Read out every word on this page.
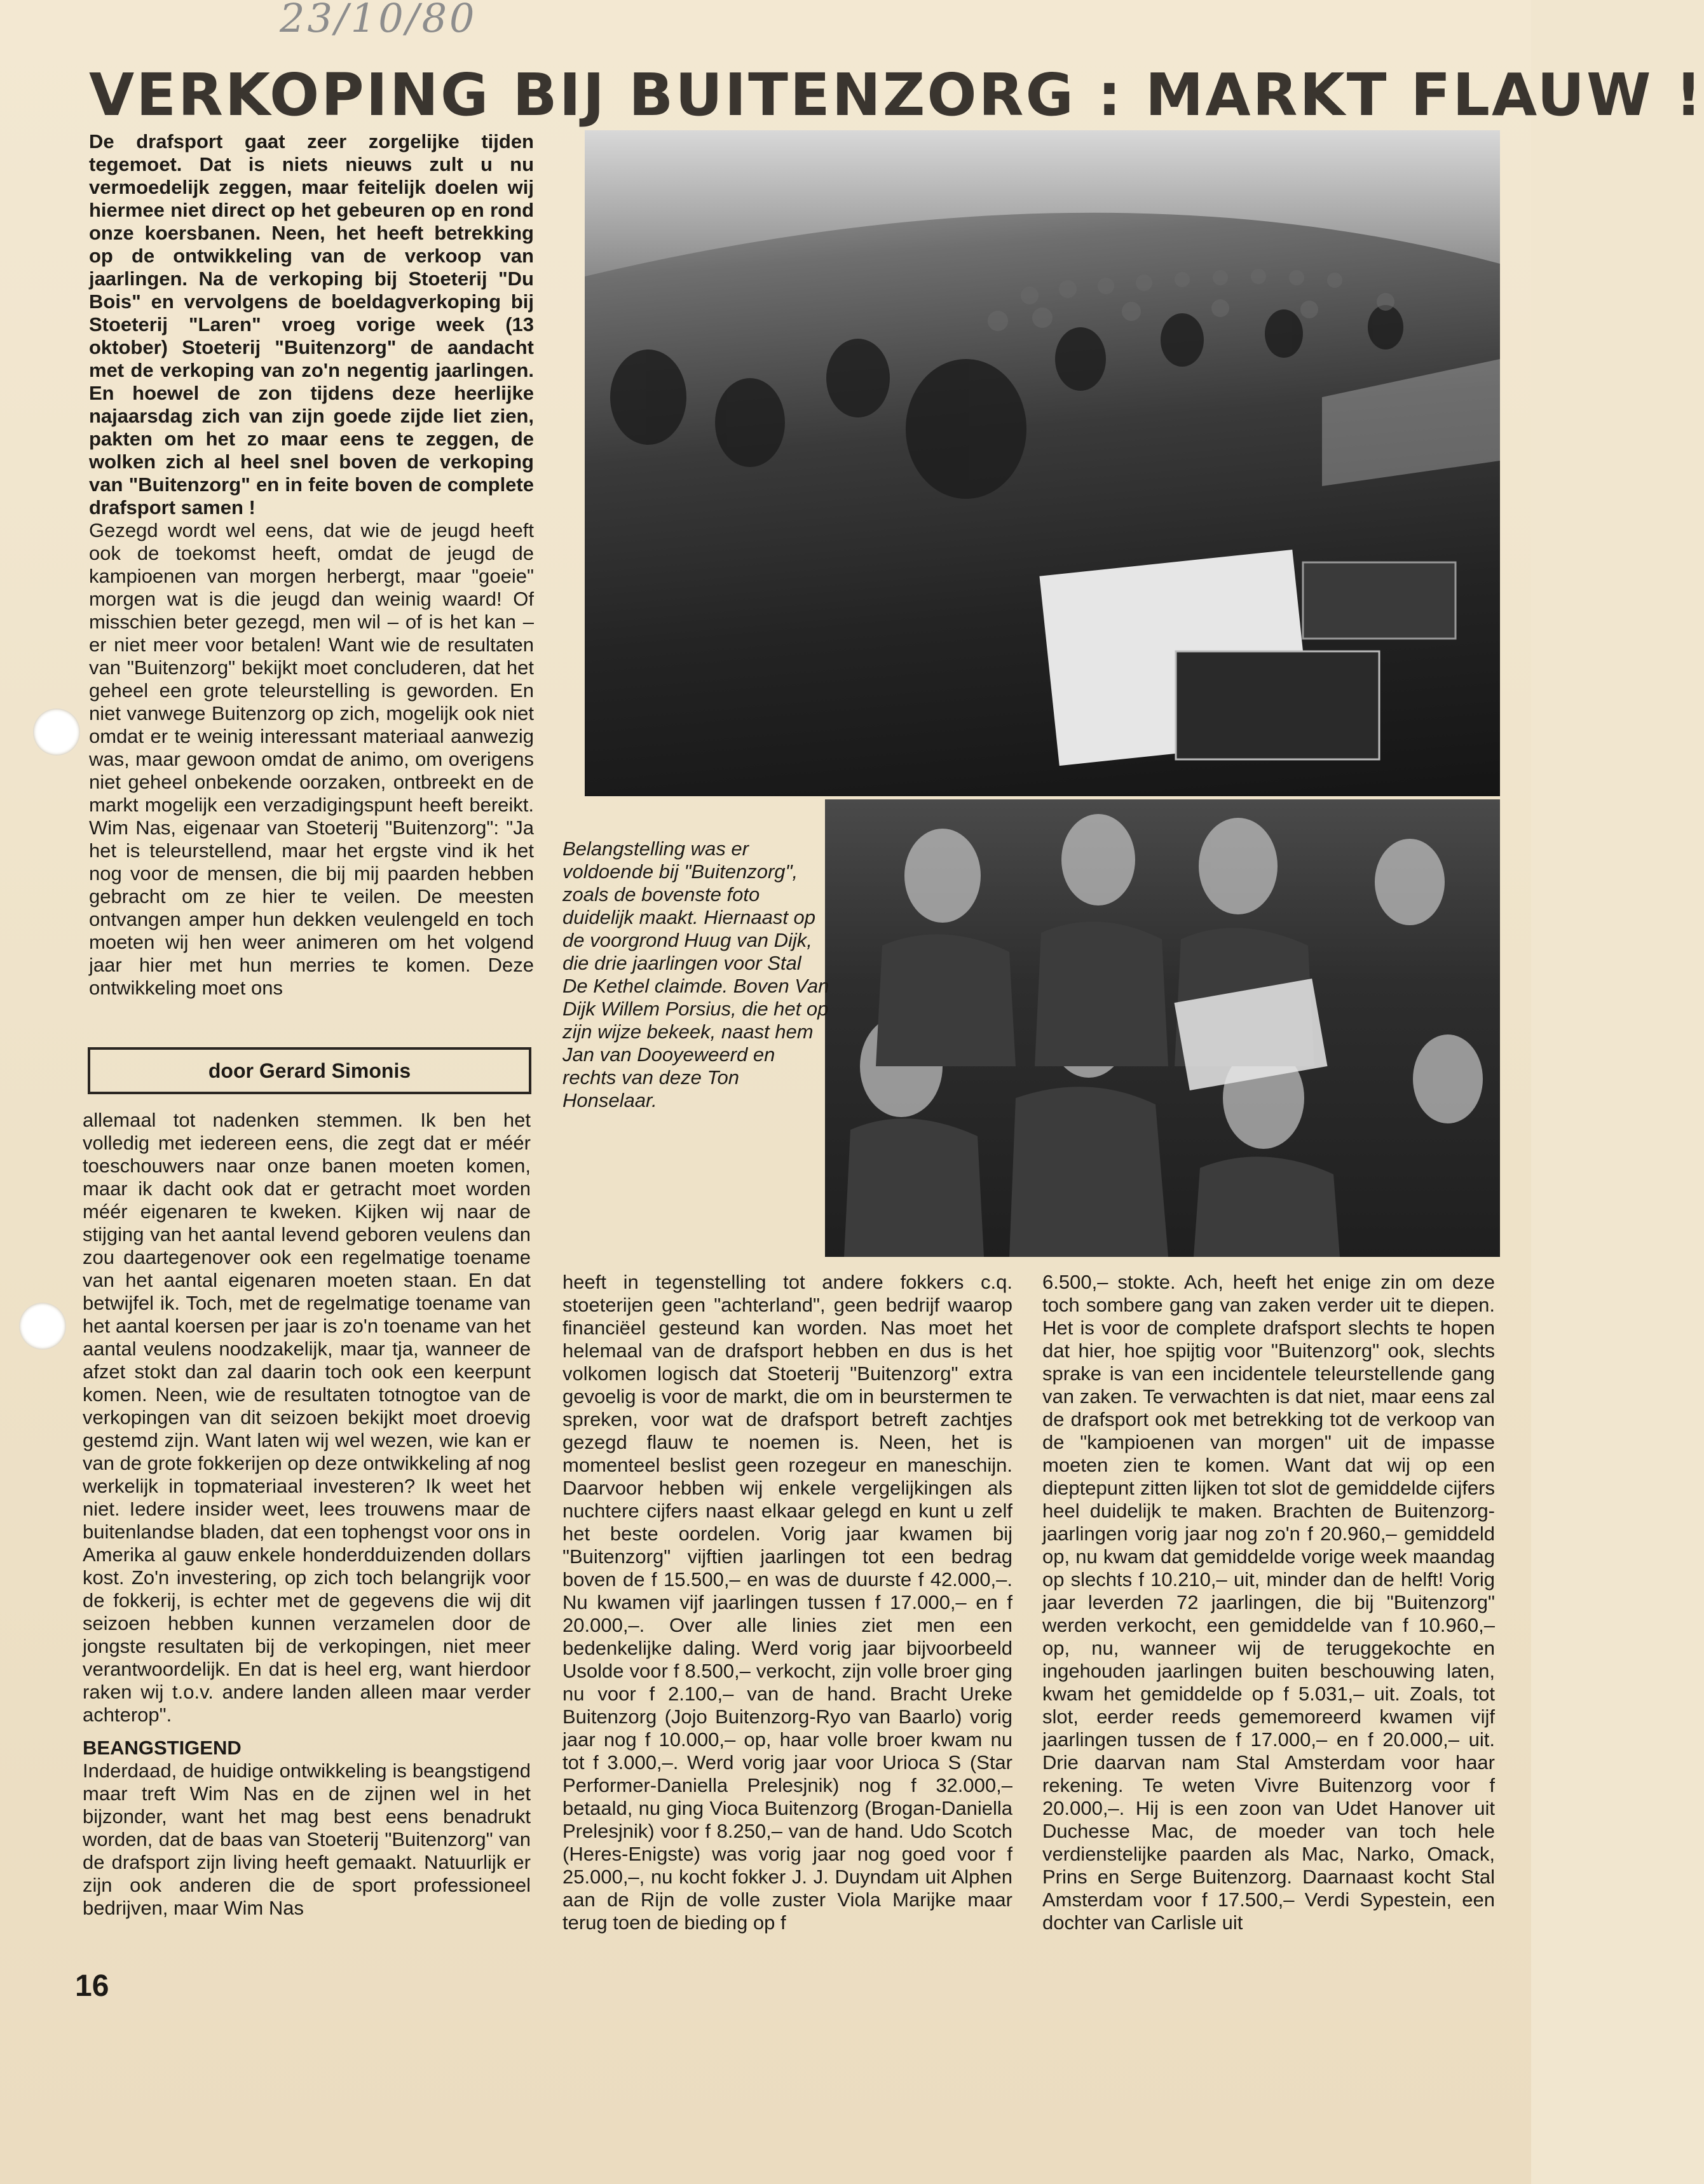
23/10/80
VERKOPING BIJ BUITENZORG : MARKT FLAUW !

De drafsport gaat zeer zorgelijke tijden tegemoet. Dat is niets nieuws zult u nu vermoedelijk zeggen, maar feitelijk doelen wij hiermee niet direct op het gebeuren op en rond onze koersbanen. Neen, het heeft betrekking op de ontwikkeling van de verkoop van jaarlingen. Na de verkoping bij Stoeterij "Du Bois" en vervolgens de boeldagverkoping bij Stoeterij "Laren" vroeg vorige week (13 oktober) Stoeterij "Buitenzorg" de aandacht met de verkoping van zo'n negentig jaarlingen. En hoewel de zon tijdens deze heerlijke najaarsdag zich van zijn goede zijde liet zien, pakten om het zo maar eens te zeggen, de wolken zich al heel snel boven de verkoping van "Buitenzorg" en in feite boven de complete drafsport samen !

Gezegd wordt wel eens, dat wie de jeugd heeft ook de toekomst heeft, omdat de jeugd de kampioenen van morgen herbergt, maar "goeie" morgen wat is die jeugd dan weinig waard! Of misschien beter gezegd, men wil – of is het kan – er niet meer voor betalen! Want wie de resultaten van "Buitenzorg" bekijkt moet concluderen, dat het geheel een grote teleurstelling is geworden. En niet vanwege Buitenzorg op zich, mogelijk ook niet omdat er te weinig interessant materiaal aanwezig was, maar gewoon omdat de animo, om overigens niet geheel onbekende oorzaken, ontbreekt en de markt mogelijk een verzadigingspunt heeft bereikt. Wim Nas, eigenaar van Stoeterij "Buitenzorg": "Ja het is teleurstellend, maar het ergste vind ik het nog voor de mensen, die bij mij paarden hebben gebracht om ze hier te veilen. De meesten ontvangen amper hun dekken veulengeld en toch moeten wij hen weer animeren om het volgend jaar hier met hun merries te komen. Deze ontwikkeling moet ons

door Gerard Simonis

allemaal tot nadenken stemmen. Ik ben het volledig met iedereen eens, die zegt dat er méér toeschouwers naar onze banen moeten komen, maar ik dacht ook dat er getracht moet worden méér eigenaren te kweken. Kijken wij naar de stijging van het aantal levend geboren veulens dan zou daartegenover ook een regelmatige toename van het aantal eigenaren moeten staan. En dat betwijfel ik. Toch, met de regelmatige toename van het aantal koersen per jaar is zo'n toename van het aantal veulens noodzakelijk, maar tja, wanneer de afzet stokt dan zal daarin toch ook een keerpunt komen. Neen, wie de resultaten totnogtoe van de verkopingen van dit seizoen bekijkt moet droevig gestemd zijn. Want laten wij wel wezen, wie kan er van de grote fokkerijen op deze ontwikkeling af nog werkelijk in topmateriaal investeren? Ik weet het niet. Iedere insider weet, lees trouwens maar de buitenlandse bladen, dat een tophengst voor ons in Amerika al gauw enkele honderdduizenden dollars kost. Zo'n investering, op zich toch belangrijk voor de fokkerij, is echter met de gegevens die wij dit seizoen hebben kunnen verzamelen door de jongste resultaten bij de verkopingen, niet meer verantwoordelijk. En dat is heel erg, want hierdoor raken wij t.o.v. andere landen alleen maar verder achterop".

BEANGSTIGEND

Inderdaad, de huidige ontwikkeling is beangstigend maar treft Wim Nas en de zijnen wel in het bijzonder, want het mag best eens benadrukt worden, dat de baas van Stoeterij "Buitenzorg" van de drafsport zijn living heeft gemaakt. Natuurlijk er zijn ook anderen die de sport professioneel bedrijven, maar Wim Nas

Belangstelling was er voldoende bij "Buitenzorg", zoals de bovenste foto duidelijk maakt. Hiernaast op de voorgrond Huug van Dijk, die drie jaarlingen voor Stal De Kethel claimde. Boven Van Dijk Willem Porsius, die het op zijn wijze bekeek, naast hem Jan van Dooyeweerd en rechts van deze Ton Honselaar.

heeft in tegenstelling tot andere fokkers c.q. stoeterijen geen "achterland", geen bedrijf waarop financiëel gesteund kan worden. Nas moet het helemaal van de drafsport hebben en dus is het volkomen logisch dat Stoeterij "Buitenzorg" extra gevoelig is voor de markt, die om in beurstermen te spreken, voor wat de drafsport betreft zachtjes gezegd flauw te noemen is. Neen, het is momenteel beslist geen rozegeur en maneschijn. Daarvoor hebben wij enkele vergelijkingen als nuchtere cijfers naast elkaar gelegd en kunt u zelf het beste oordelen. Vorig jaar kwamen bij "Buitenzorg" vijftien jaarlingen tot een bedrag boven de f 15.500,– en was de duurste f 42.000,–. Nu kwamen vijf jaarlingen tussen f 17.000,– en f 20.000,–. Over alle linies ziet men een bedenkelijke daling. Werd vorig jaar bijvoorbeeld Usolde voor f 8.500,– verkocht, zijn volle broer ging nu voor f 2.100,– van de hand. Bracht Ureke Buitenzorg (Jojo Buitenzorg-Ryo van Baarlo) vorig jaar nog f 10.000,– op, haar volle broer kwam nu tot f 3.000,–. Werd vorig jaar voor Urioca S (Star Performer-Daniella Prelesjnik) nog f 32.000,– betaald, nu ging Vioca Buitenzorg (Brogan-Daniella Prelesjnik) voor f 8.250,– van de hand. Udo Scotch (Heres-Enigste) was vorig jaar nog goed voor f 25.000,–, nu kocht fokker J. J. Duyndam uit Alphen aan de Rijn de volle zuster Viola Marijke maar terug toen de bieding op f

6.500,– stokte. Ach, heeft het enige zin om deze toch sombere gang van zaken verder uit te diepen. Het is voor de complete drafsport slechts te hopen dat hier, hoe spijtig voor "Buitenzorg" ook, slechts sprake is van een incidentele teleurstellende gang van zaken. Te verwachten is dat niet, maar eens zal de drafsport ook met betrekking tot de verkoop van de "kampioenen van morgen" uit de impasse moeten zien te komen. Want dat wij op een dieptepunt zitten lijken tot slot de gemiddelde cijfers heel duidelijk te maken. Brachten de Buitenzorg-jaarlingen vorig jaar nog zo'n f 20.960,– gemiddeld op, nu kwam dat gemiddelde vorige week maandag op slechts f 10.210,– uit, minder dan de helft! Vorig jaar leverden 72 jaarlingen, die bij "Buitenzorg" werden verkocht, een gemiddelde van f 10.960,– op, nu, wanneer wij de teruggekochte en ingehouden jaarlingen buiten beschouwing laten, kwam het gemiddelde op f 5.031,– uit. Zoals, tot slot, eerder reeds gememoreerd kwamen vijf jaarlingen tussen de f 17.000,– en f 20.000,– uit. Drie daarvan nam Stal Amsterdam voor haar rekening. Te weten Vivre Buitenzorg voor f 20.000,–. Hij is een zoon van Udet Hanover uit Duchesse Mac, de moeder van toch hele verdienstelijke paarden als Mac, Narko, Omack, Prins en Serge Buitenzorg. Daarnaast kocht Stal Amsterdam voor f 17.500,– Verdi Sypestein, een dochter van Carlisle uit

16
